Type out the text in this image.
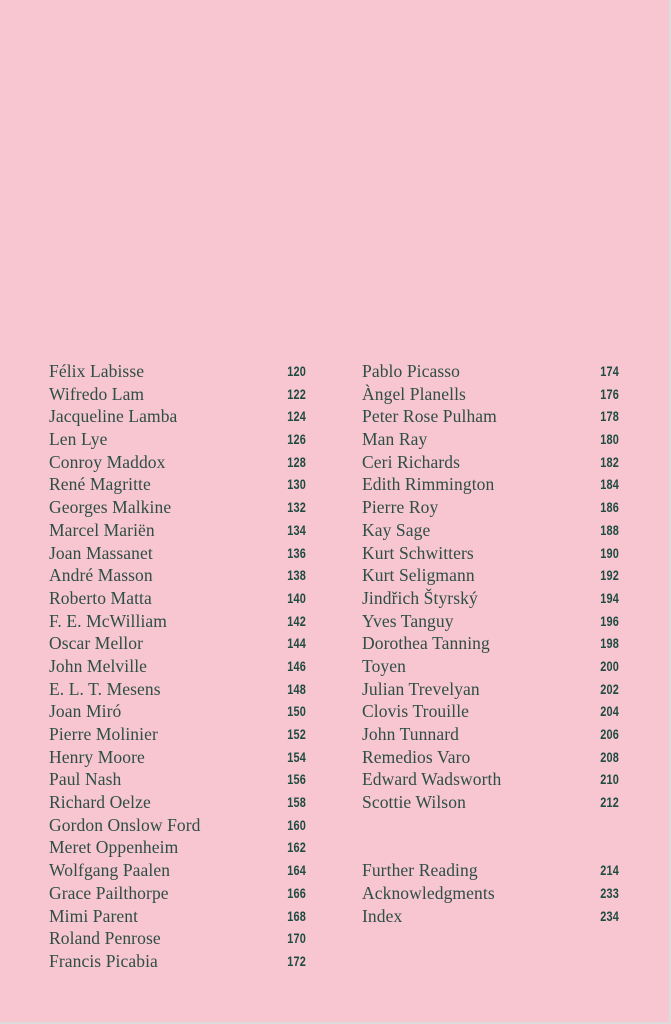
Félix Labisse	120
Wifredo Lam	122
Jacqueline Lamba	124
Len Lye	126
Conroy Maddox	128
René Magritte	130
Georges Malkine	132
Marcel Mariën	134
Joan Massanet	136
André Masson	138
Roberto Matta	140
F. E. McWilliam	142
Oscar Mellor	144
John Melville	146
E. L. T. Mesens	148
Joan Miró	150
Pierre Molinier	152
Henry Moore	154
Paul Nash	156
Richard Oelze	158
Gordon Onslow Ford	160
Meret Oppenheim	162
Wolfgang Paalen	164
Grace Pailthorpe	166
Mimi Parent	168
Roland Penrose	170
Francis Picabia	172
Pablo Picasso	174
Àngel Planells	176
Peter Rose Pulham	178
Man Ray	180
Ceri Richards	182
Edith Rimmington	184
Pierre Roy	186
Kay Sage	188
Kurt Schwitters	190
Kurt Seligmann	192
Jindřich Štyrský	194
Yves Tanguy	196
Dorothea Tanning	198
Toyen	200
Julian Trevelyan	202
Clovis Trouille	204
John Tunnard	206
Remedios Varo	208
Edward Wadsworth	210
Scottie Wilson	212
Further Reading	214
Acknowledgments	233
Index	234
